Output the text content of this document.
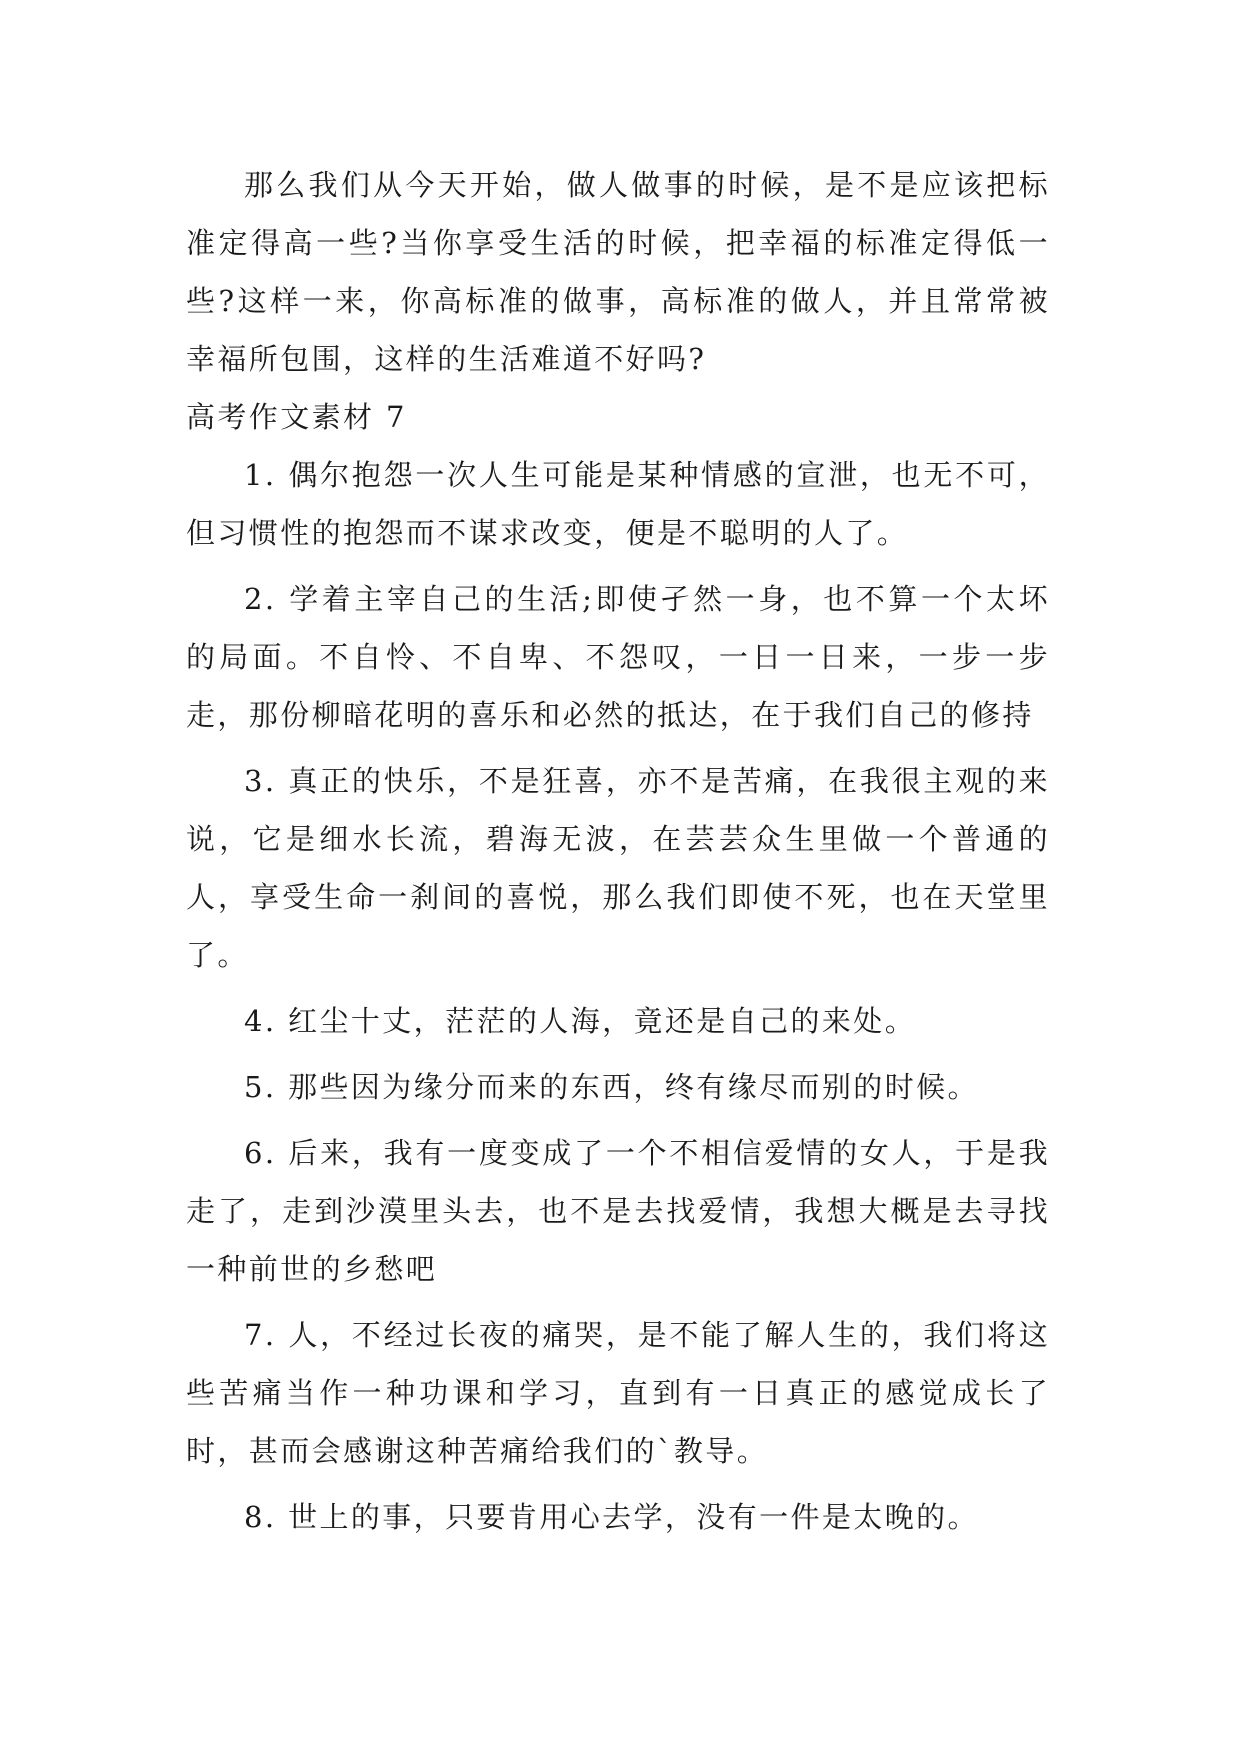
那么我们从今天开始，做人做事的时候，是不是应该把标准定得高一些?当你享受生活的时候，把幸福的标准定得低一些?这样一来，你高标准的做事，高标准的做人，并且常常被幸福所包围，这样的生活难道不好吗?

高考作文素材 7

1. 偶尔抱怨一次人生可能是某种情感的宣泄，也无不可，但习惯性的抱怨而不谋求改变，便是不聪明的人了。

2. 学着主宰自己的生活;即使孑然一身，也不算一个太坏的局面。不自怜、不自卑、不怨叹，一日一日来，一步一步走，那份柳暗花明的喜乐和必然的抵达，在于我们自己的修持

3. 真正的快乐，不是狂喜，亦不是苦痛，在我很主观的来说，它是细水长流，碧海无波，在芸芸众生里做一个普通的人，享受生命一刹间的喜悦，那么我们即使不死，也在天堂里了。

4. 红尘十丈，茫茫的人海，竟还是自己的来处。

5. 那些因为缘分而来的东西，终有缘尽而别的时候。

6. 后来，我有一度变成了一个不相信爱情的女人，于是我走了，走到沙漠里头去，也不是去找爱情，我想大概是去寻找一种前世的乡愁吧

7. 人，不经过长夜的痛哭，是不能了解人生的，我们将这些苦痛当作一种功课和学习，直到有一日真正的感觉成长了时，甚而会感谢这种苦痛给我们的`教导。

8. 世上的事，只要肯用心去学，没有一件是太晚的。
